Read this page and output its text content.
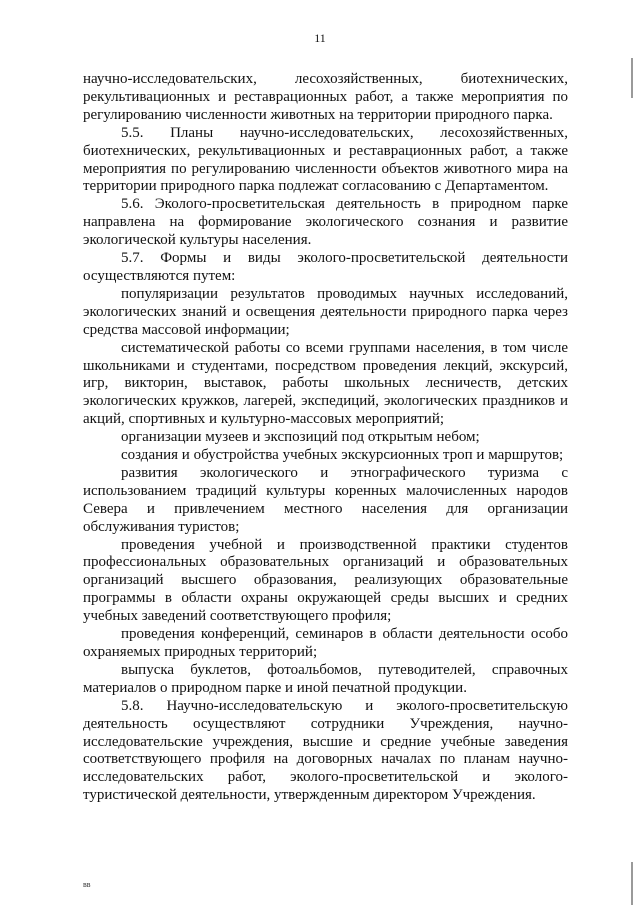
11

научно-исследовательских, лесохозяйственных, биотехнических, рекультивационных и реставрационных работ, а также мероприятия по регулированию численности животных на территории природного парка.

5.5. Планы научно-исследовательских, лесохозяйственных, биотехнических, рекультивационных и реставрационных работ, а также мероприятия по регулированию численности объектов животного мира на территории природного парка подлежат согласованию с Департаментом.

5.6. Эколого-просветительская деятельность в природном парке направлена на формирование экологического сознания и развитие экологической культуры населения.

5.7. Формы и виды эколого-просветительской деятельности осуществляются путем:

популяризации результатов проводимых научных исследований, экологических знаний и освещения деятельности природного парка через средства массовой информации;

систематической работы со всеми группами населения, в том числе школьниками и студентами, посредством проведения лекций, экскурсий, игр, викторин, выставок, работы школьных лесничеств, детских экологических кружков, лагерей, экспедиций, экологических праздников и акций, спортивных и культурно-массовых мероприятий;

организации музеев и экспозиций под открытым небом;

создания и обустройства учебных экскурсионных троп и маршрутов;

развития экологического и этнографического туризма с использованием традиций культуры коренных малочисленных народов Севера и привлечением местного населения для организации обслуживания туристов;

проведения учебной и производственной практики студентов профессиональных образовательных организаций и образовательных организаций высшего образования, реализующих образовательные программы в области охраны окружающей среды высших и средних учебных заведений соответствующего профиля;

проведения конференций, семинаров в области деятельности особо охраняемых природных территорий;

выпуска буклетов, фотоальбомов, путеводителей, справочных материалов о природном парке и иной печатной продукции.

5.8. Научно-исследовательскую и эколого-просветительскую деятельность осуществляют сотрудники Учреждения, научно-исследовательские учреждения, высшие и средние учебные заведения соответствующего профиля на договорных началах по планам научно-исследовательских работ, эколого-просветительской и эколого-туристической деятельности, утвержденным директором Учреждения.

вв
